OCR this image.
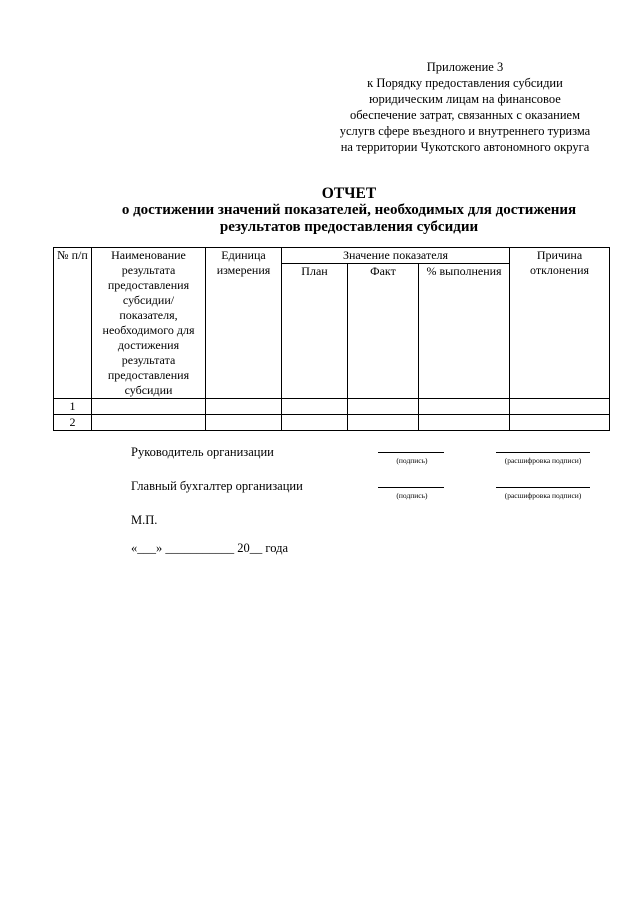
Приложение 3
к Порядку предоставления субсидии
юридическим лицам на финансовое
обеспечение затрат, связанных с оказанием
услугв сфере въездного и внутреннего туризма
на территории Чукотского автономного округа
ОТЧЕТ
о достижении значений показателей, необходимых для достижения
результатов предоставления субсидии
№ п/п	Наименование результата предоставления субсидии/показателя, необходимого для достижения результата предоставления субсидии	Единица измерения	Значение показателя			Причина отклонения
			План	Факт	% выполнения	
1						
2						
Руководитель организации
(подпись)	(расшифровка подписи)
Главный бухгалтер организации
(подпись)	(расшифровка подписи)
М.П.
«___» ___________ 20__ года
